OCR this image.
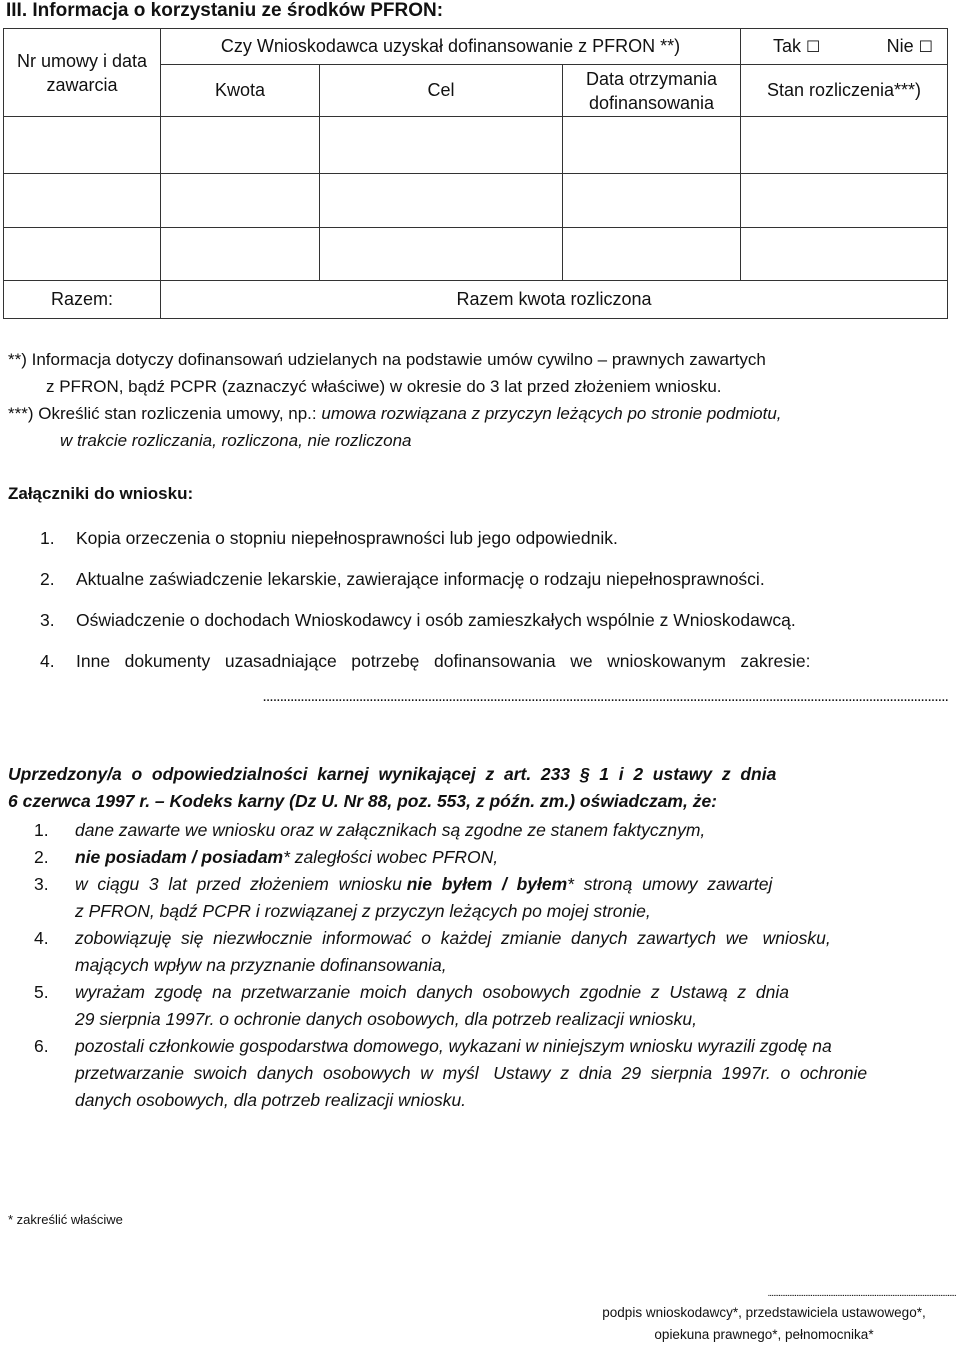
III. Informacja o korzystaniu ze środków PFRON:
Nr umowy i data zawarcia	Czy Wnioskodawca uzyskał dofinansowanie z PFRON **)			Tak ☐ Nie ☐

	Kwota	Cel	Data otrzymania dofinansowania	Stan rozliczenia***)

Razem:	Razem kwota rozliczona			
**) Informacja dotyczy dofinansowań udzielanych na podstawie umów cywilno – prawnych zawartych
z PFRON, bądź PCPR (zaznaczyć właściwe) w okresie do 3 lat przed złożeniem wniosku.
***) Określić stan rozliczenia umowy, np.: umowa rozwiązana z przyczyn leżących po stronie podmiotu,
w trakcie rozliczania, rozliczona, nie rozliczona
Załączniki do wniosku:
1.	Kopia orzeczenia o stopniu niepełnosprawności lub jego odpowiednik.
2.	Aktualne zaświadczenie lekarskie, zawierające informację o rodzaju niepełnosprawności.
3.	Oświadczenie o dochodach Wnioskodawcy i osób zamieszkałych wspólnie z Wnioskodawcą.
4.	Inne   dokumenty   uzasadniające   potrzebę   dofinansowania   we   wnioskowanym   zakresie:
.......................................................................................................................................................................................................
Uprzedzony/a  o  odpowiedzialności  karnej  wynikającej  z  art.  233  §  1  i  2  ustawy  z  dnia
6 czerwca 1997 r. – Kodeks karny (Dz U. Nr 88, poz. 553, z późn. zm.) oświadczam, że:
1.	dane zawarte we wniosku oraz w załącznikach są zgodne ze stanem faktycznym,
2.	nie posiadam / posiadam* zaległości wobec PFRON,
3.	w  ciągu  3  lat  przed  złożeniem  wniosku nie  byłem  /  byłem*  stroną  umowy  zawartej
z PFRON, bądź PCPR i rozwiązanej z przyczyn leżących po mojej stronie,
4.	zobowiązuję  się  niezwłocznie  informować  o  każdej  zmianie  danych  zawartych  we   wniosku,
mających wpływ na przyznanie dofinansowania,
5.	wyrażam  zgodę  na  przetwarzanie  moich  danych  osobowych  zgodnie  z  Ustawą  z  dnia
29 sierpnia 1997r. o ochronie danych osobowych, dla potrzeb realizacji wniosku,
6.	pozostali członkowie gospodarstwa domowego, wykazani w niniejszym wniosku wyrazili zgodę na
przetwarzanie  swoich  danych  osobowych  w  myśl   Ustawy  z  dnia  29  sierpnia  1997r.  o  ochronie
danych osobowych, dla potrzeb realizacji wniosku.
* zakreślić właściwe
..........................................................................................................
podpis wnioskodawcy*, przedstawiciela ustawowego*,
opiekuna prawnego*, pełnomocnika*
